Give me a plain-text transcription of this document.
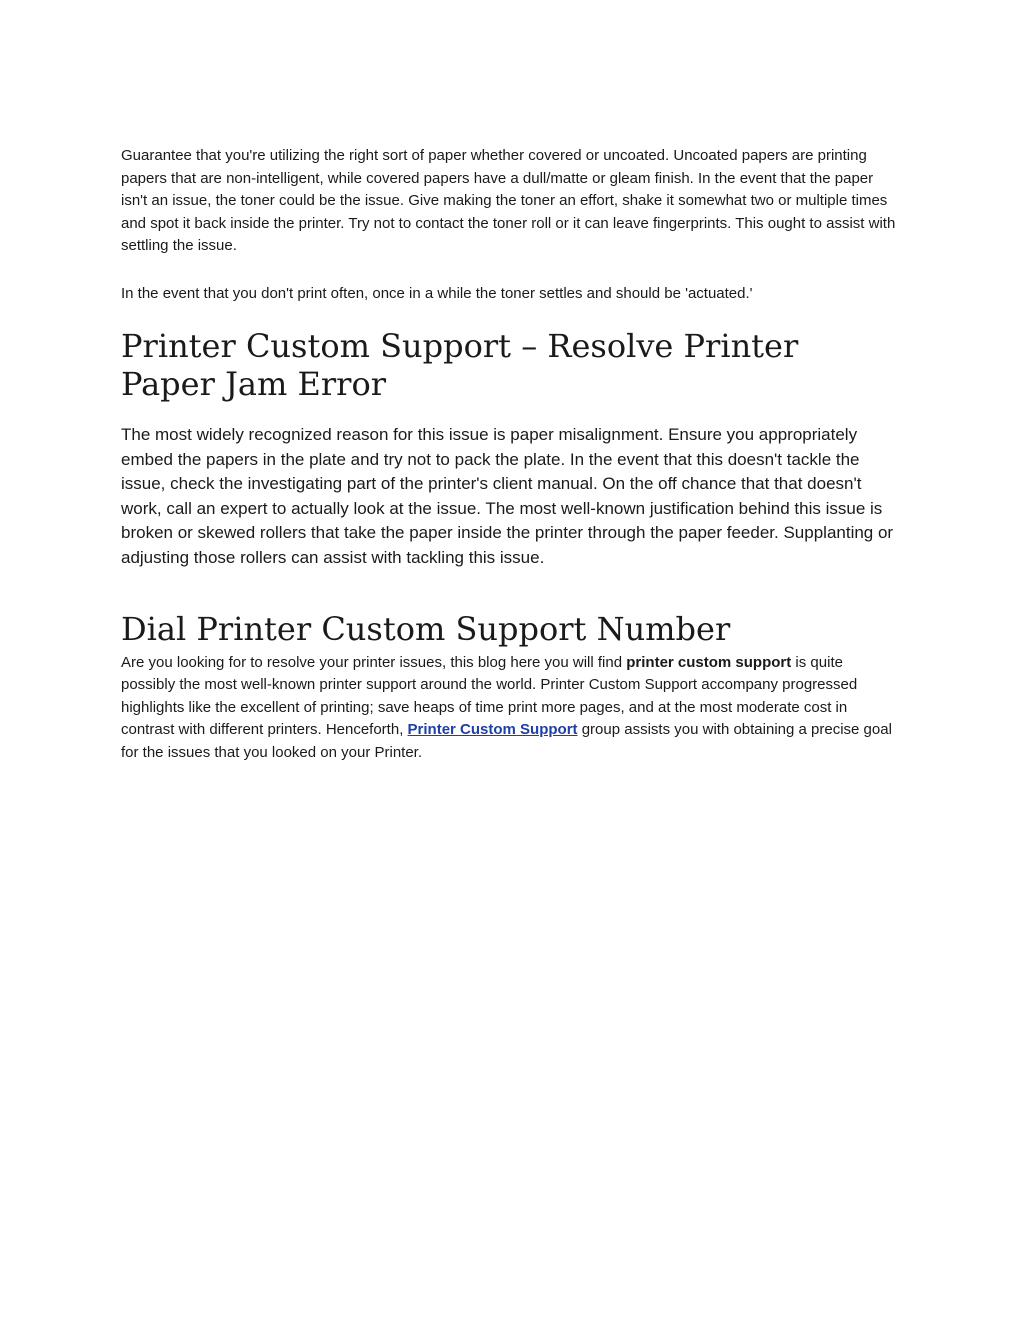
Guarantee that you're utilizing the right sort of paper whether covered or uncoated. Uncoated papers are printing papers that are non-intelligent, while covered papers have a dull/matte or gleam finish. In the event that the paper isn't an issue, the toner could be the issue. Give making the toner an effort, shake it somewhat two or multiple times and spot it back inside the printer. Try not to contact the toner roll or it can leave fingerprints. This ought to assist with settling the issue.

In the event that you don't print often, once in a while the toner settles and should be 'actuated.'

Printer Custom Support – Resolve Printer Paper Jam Error

The most widely recognized reason for this issue is paper misalignment. Ensure you appropriately embed the papers in the plate and try not to pack the plate. In the event that this doesn't tackle the issue, check the investigating part of the printer's client manual. On the off chance that that doesn't work, call an expert to actually look at the issue. The most well-known justification behind this issue is broken or skewed rollers that take the paper inside the printer through the paper feeder. Supplanting or adjusting those rollers can assist with tackling this issue.

Dial Printer Custom Support Number

Are you looking for to resolve your printer issues, this blog here you will find printer custom support is quite possibly the most well-known printer support around the world. Printer Custom Support accompany progressed highlights like the excellent of printing; save heaps of time print more pages, and at the most moderate cost in contrast with different printers. Henceforth, Printer Custom Support group assists you with obtaining a precise goal for the issues that you looked on your Printer.
